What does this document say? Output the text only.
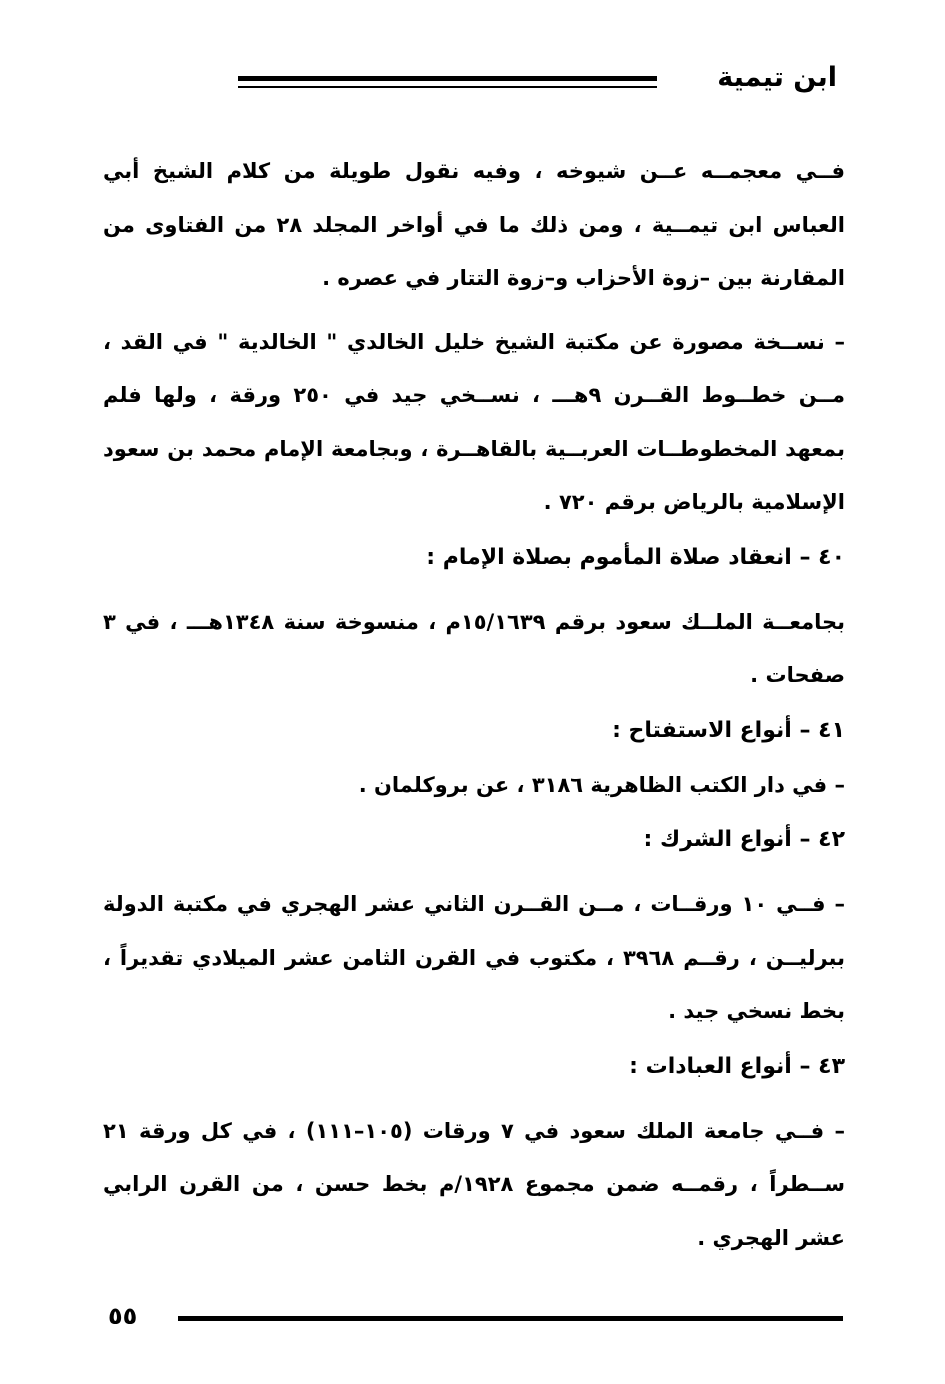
ابن تيمية

فــي معجمــه عــن شيوخه ، وفيه نقول طويلة من كلام الشيخ أبي العباس ابن تيمــية ، ومن ذلك ما في أواخر المجلد ٢٨ من الفتاوى من المقارنة بين –زوة الأحزاب و–زوة التتار في عصره .

– نســخة مصورة عن مكتبة الشيخ خليل الخالدي " الخالدية " في القد ، مــن خطــوط القــرن ٩هـــ ، نســخي جيد في ٢٥٠ ورقة ، ولها فلم بمعهد المخطوطــات العربــية بالقاهــرة ، وبجامعة الإمام محمد بن سعود الإسلامية بالرياض برقم ٧٢٠ .

٤٠ – انعقاد صلاة المأموم بصلاة الإمام :

بجامعــة الملــك سعود برقم ١٥/١٦٣٩م ، منسوخة سنة ١٣٤٨هـــ ، في ٣ صفحات .

٤١ – أنواع الاستفتاح :

– في دار الكتب الظاهرية ٣١٨٦ ، عن بروكلمان .

٤٢ – أنواع الشرك :

– فــي ١٠ ورقــات ، مــن القــرن الثاني عشر الهجري في مكتبة الدولة ببرليــن ، رقــم ٣٩٦٨ ، مكتوب في القرن الثامن عشر الميلادي تقديراً ، بخط نسخي جيد .

٤٣ – أنواع العبادات :

– فــي جامعة الملك سعود في ٧ ورقات (١٠٥–١١١) ، في كل ورقة ٢١ ســطراً ، رقمــه ضمن مجموع ١٩٢٨/م بخط حسن ، من القرن الرابي عشر الهجري .

٥٥
